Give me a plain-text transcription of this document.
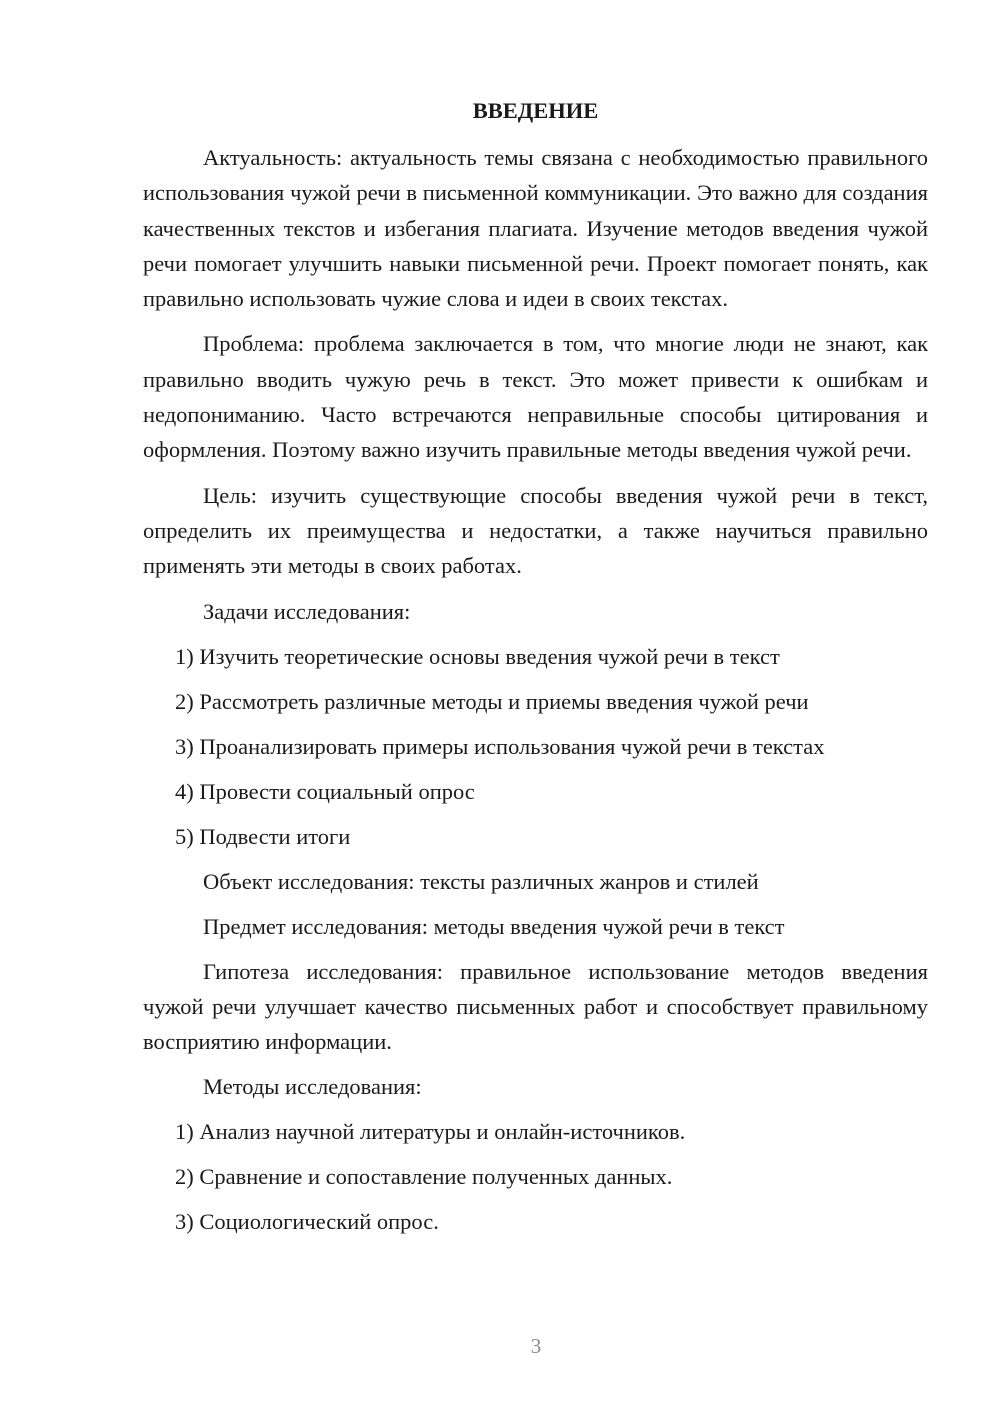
ВВЕДЕНИЕ

Актуальность: актуальность темы связана с необходимостью правильного использования чужой речи в письменной коммуникации. Это важно для создания качественных текстов и избегания плагиата. Изучение методов введения чужой речи помогает улучшить навыки письменной речи. Проект помогает понять, как правильно использовать чужие слова и идеи в своих текстах.

Проблема: проблема заключается в том, что многие люди не знают, как правильно вводить чужую речь в текст. Это может привести к ошибкам и недопониманию. Часто встречаются неправильные способы цитирования и оформления. Поэтому важно изучить правильные методы введения чужой речи.

Цель: изучить существующие способы введения чужой речи в текст, определить их преимущества и недостатки, а также научиться правильно применять эти методы в своих работах.

Задачи исследования:
1) Изучить теоретические основы введения чужой речи в текст
2) Рассмотреть различные методы и приемы введения чужой речи
3) Проанализировать примеры использования чужой речи в текстах
4) Провести социальный опрос
5) Подвести итоги
Объект исследования: тексты различных жанров и стилей
Предмет исследования: методы введения чужой речи в текст

Гипотеза исследования: правильное использование методов введения чужой речи улучшает качество письменных работ и способствует правильному восприятию информации.

Методы исследования:
1) Анализ научной литературы и онлайн-источников.
2) Сравнение и сопоставление полученных данных.
3) Социологический опрос.
3
